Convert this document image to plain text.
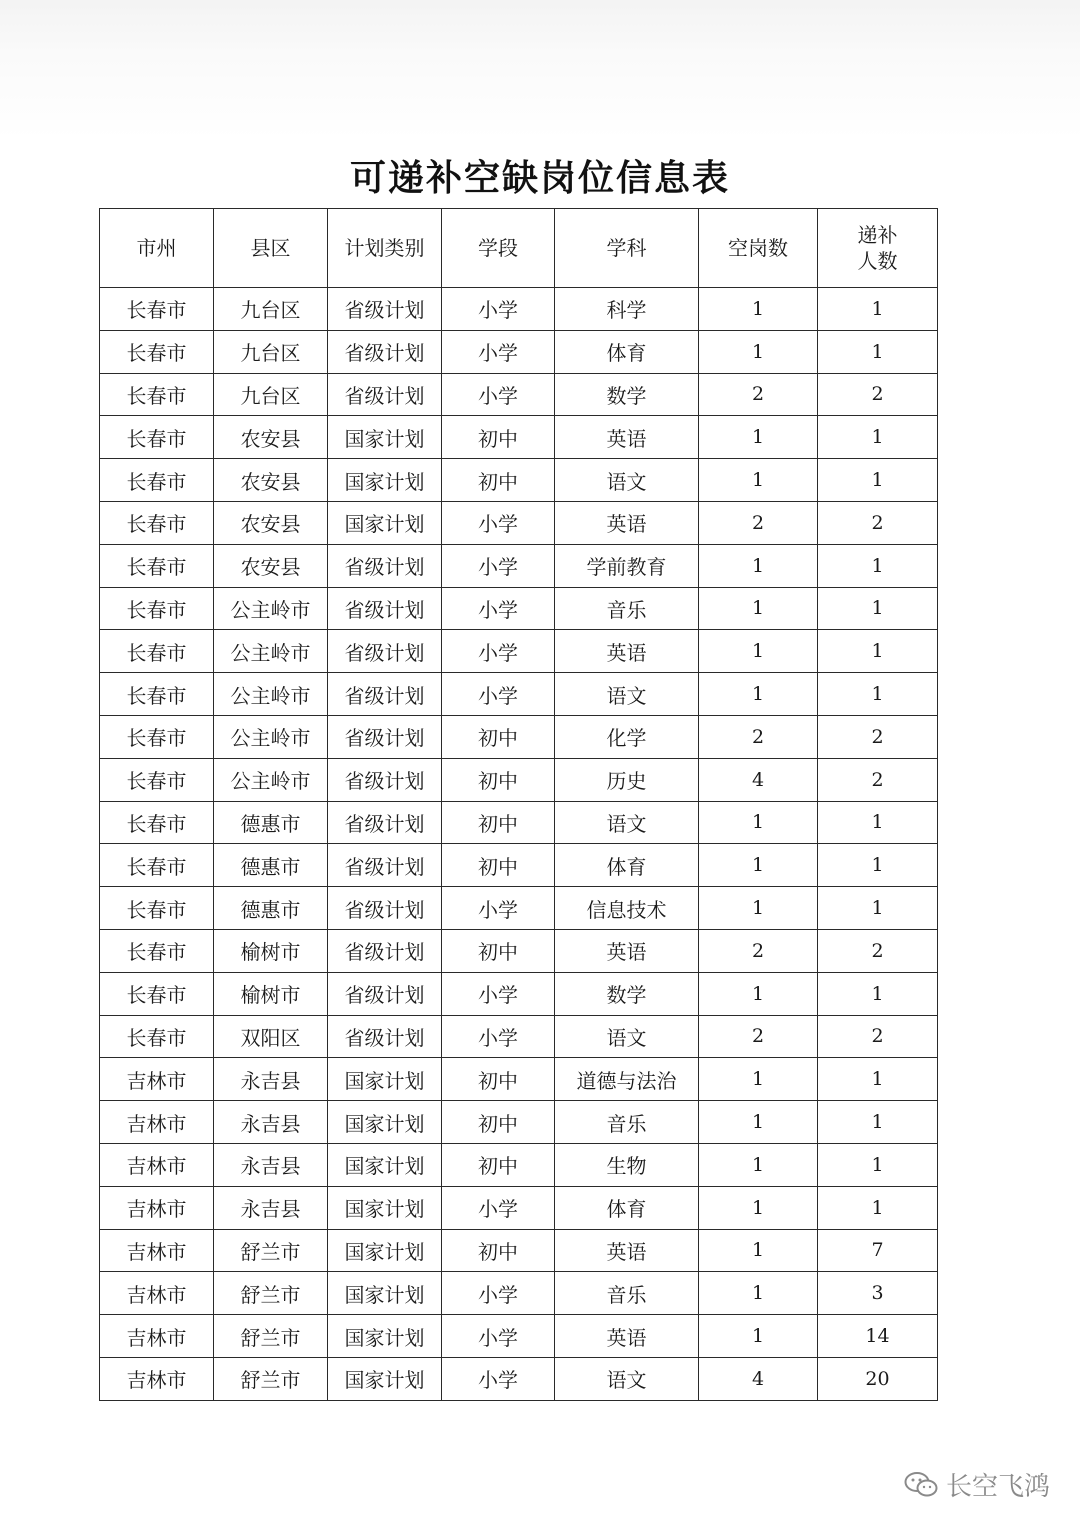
可递补空缺岗位信息表
市州	县区	计划类别	学段	学科	空岗数	递补
人数
长春市	九台区	省级计划	小学	科学	1	1
长春市	九台区	省级计划	小学	体育	1	1
长春市	九台区	省级计划	小学	数学	2	2
长春市	农安县	国家计划	初中	英语	1	1
长春市	农安县	国家计划	初中	语文	1	1
长春市	农安县	国家计划	小学	英语	2	2
长春市	农安县	省级计划	小学	学前教育	1	1
长春市	公主岭市	省级计划	小学	音乐	1	1
长春市	公主岭市	省级计划	小学	英语	1	1
长春市	公主岭市	省级计划	小学	语文	1	1
长春市	公主岭市	省级计划	初中	化学	2	2
长春市	公主岭市	省级计划	初中	历史	4	2
长春市	德惠市	省级计划	初中	语文	1	1
长春市	德惠市	省级计划	初中	体育	1	1
长春市	德惠市	省级计划	小学	信息技术	1	1
长春市	榆树市	省级计划	初中	英语	2	2
长春市	榆树市	省级计划	小学	数学	1	1
长春市	双阳区	省级计划	小学	语文	2	2
吉林市	永吉县	国家计划	初中	道德与法治	1	1
吉林市	永吉县	国家计划	初中	音乐	1	1
吉林市	永吉县	国家计划	初中	生物	1	1
吉林市	永吉县	国家计划	小学	体育	1	1
吉林市	舒兰市	国家计划	初中	英语	1	7
吉林市	舒兰市	国家计划	小学	音乐	1	3
吉林市	舒兰市	国家计划	小学	英语	1	14
吉林市	舒兰市	国家计划	小学	语文	4	20
长空飞鸿
